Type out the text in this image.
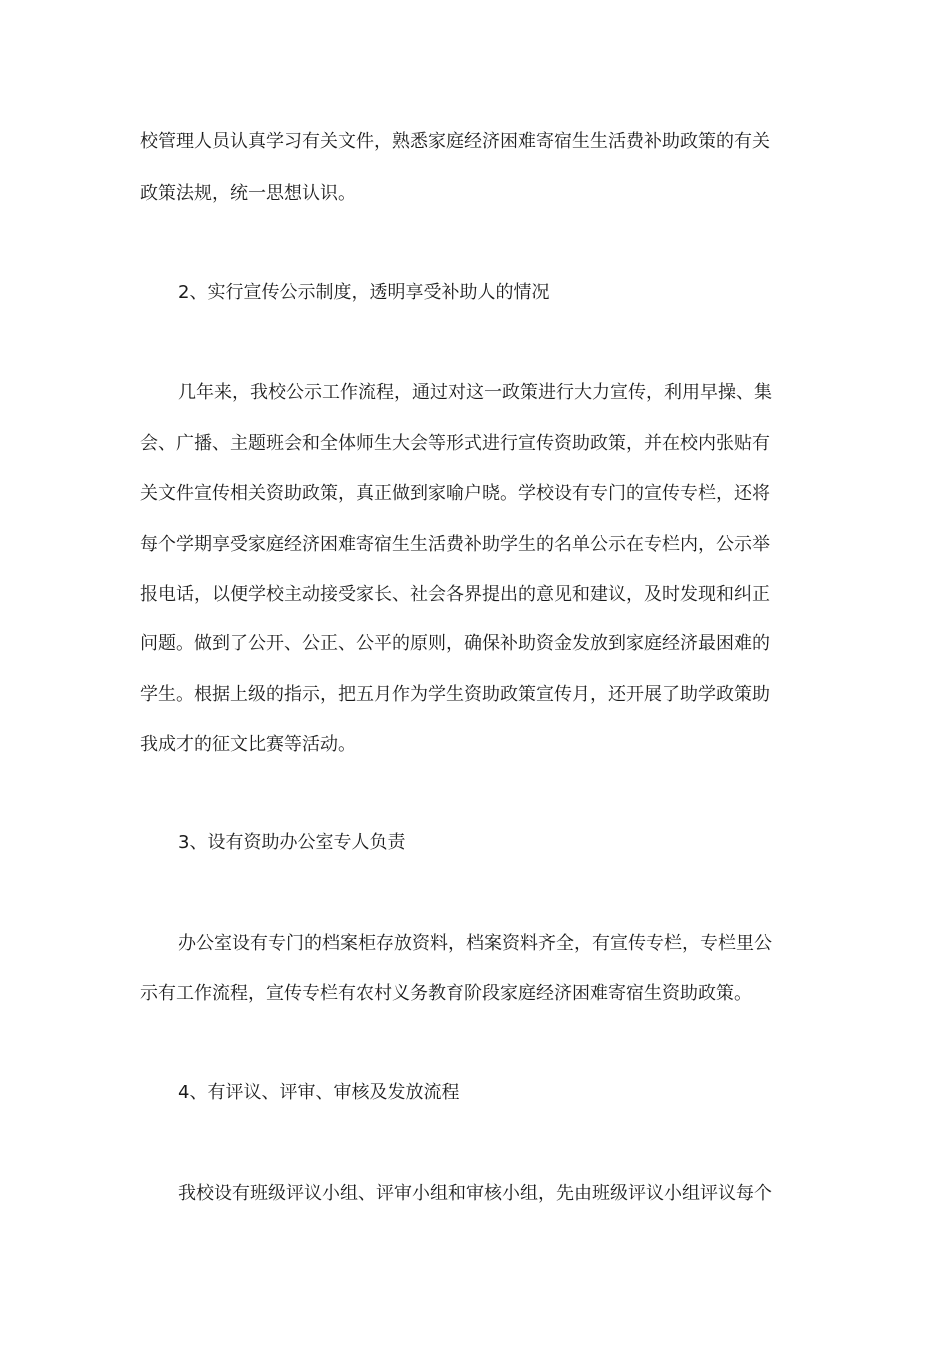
校管理人员认真学习有关文件，熟悉家庭经济困难寄宿生生活费补助政策的有关
政策法规，统一思想认识。
2、实行宣传公示制度，透明享受补助人的情况
几年来，我校公示工作流程，通过对这一政策进行大力宣传，利用早操、集
会、广播、主题班会和全体师生大会等形式进行宣传资助政策，并在校内张贴有
关文件宣传相关资助政策，真正做到家喻户晓。学校设有专门的宣传专栏，还将
每个学期享受家庭经济困难寄宿生生活费补助学生的名单公示在专栏内，公示举
报电话，以便学校主动接受家长、社会各界提出的意见和建议，及时发现和纠正
问题。做到了公开、公正、公平的原则，确保补助资金发放到家庭经济最困难的
学生。根据上级的指示，把五月作为学生资助政策宣传月，还开展了助学政策助
我成才的征文比赛等活动。
3、设有资助办公室专人负责
办公室设有专门的档案柜存放资料，档案资料齐全，有宣传专栏，专栏里公
示有工作流程，宣传专栏有农村义务教育阶段家庭经济困难寄宿生资助政策。
4、有评议、评审、审核及发放流程
我校设有班级评议小组、评审小组和审核小组，先由班级评议小组评议每个
